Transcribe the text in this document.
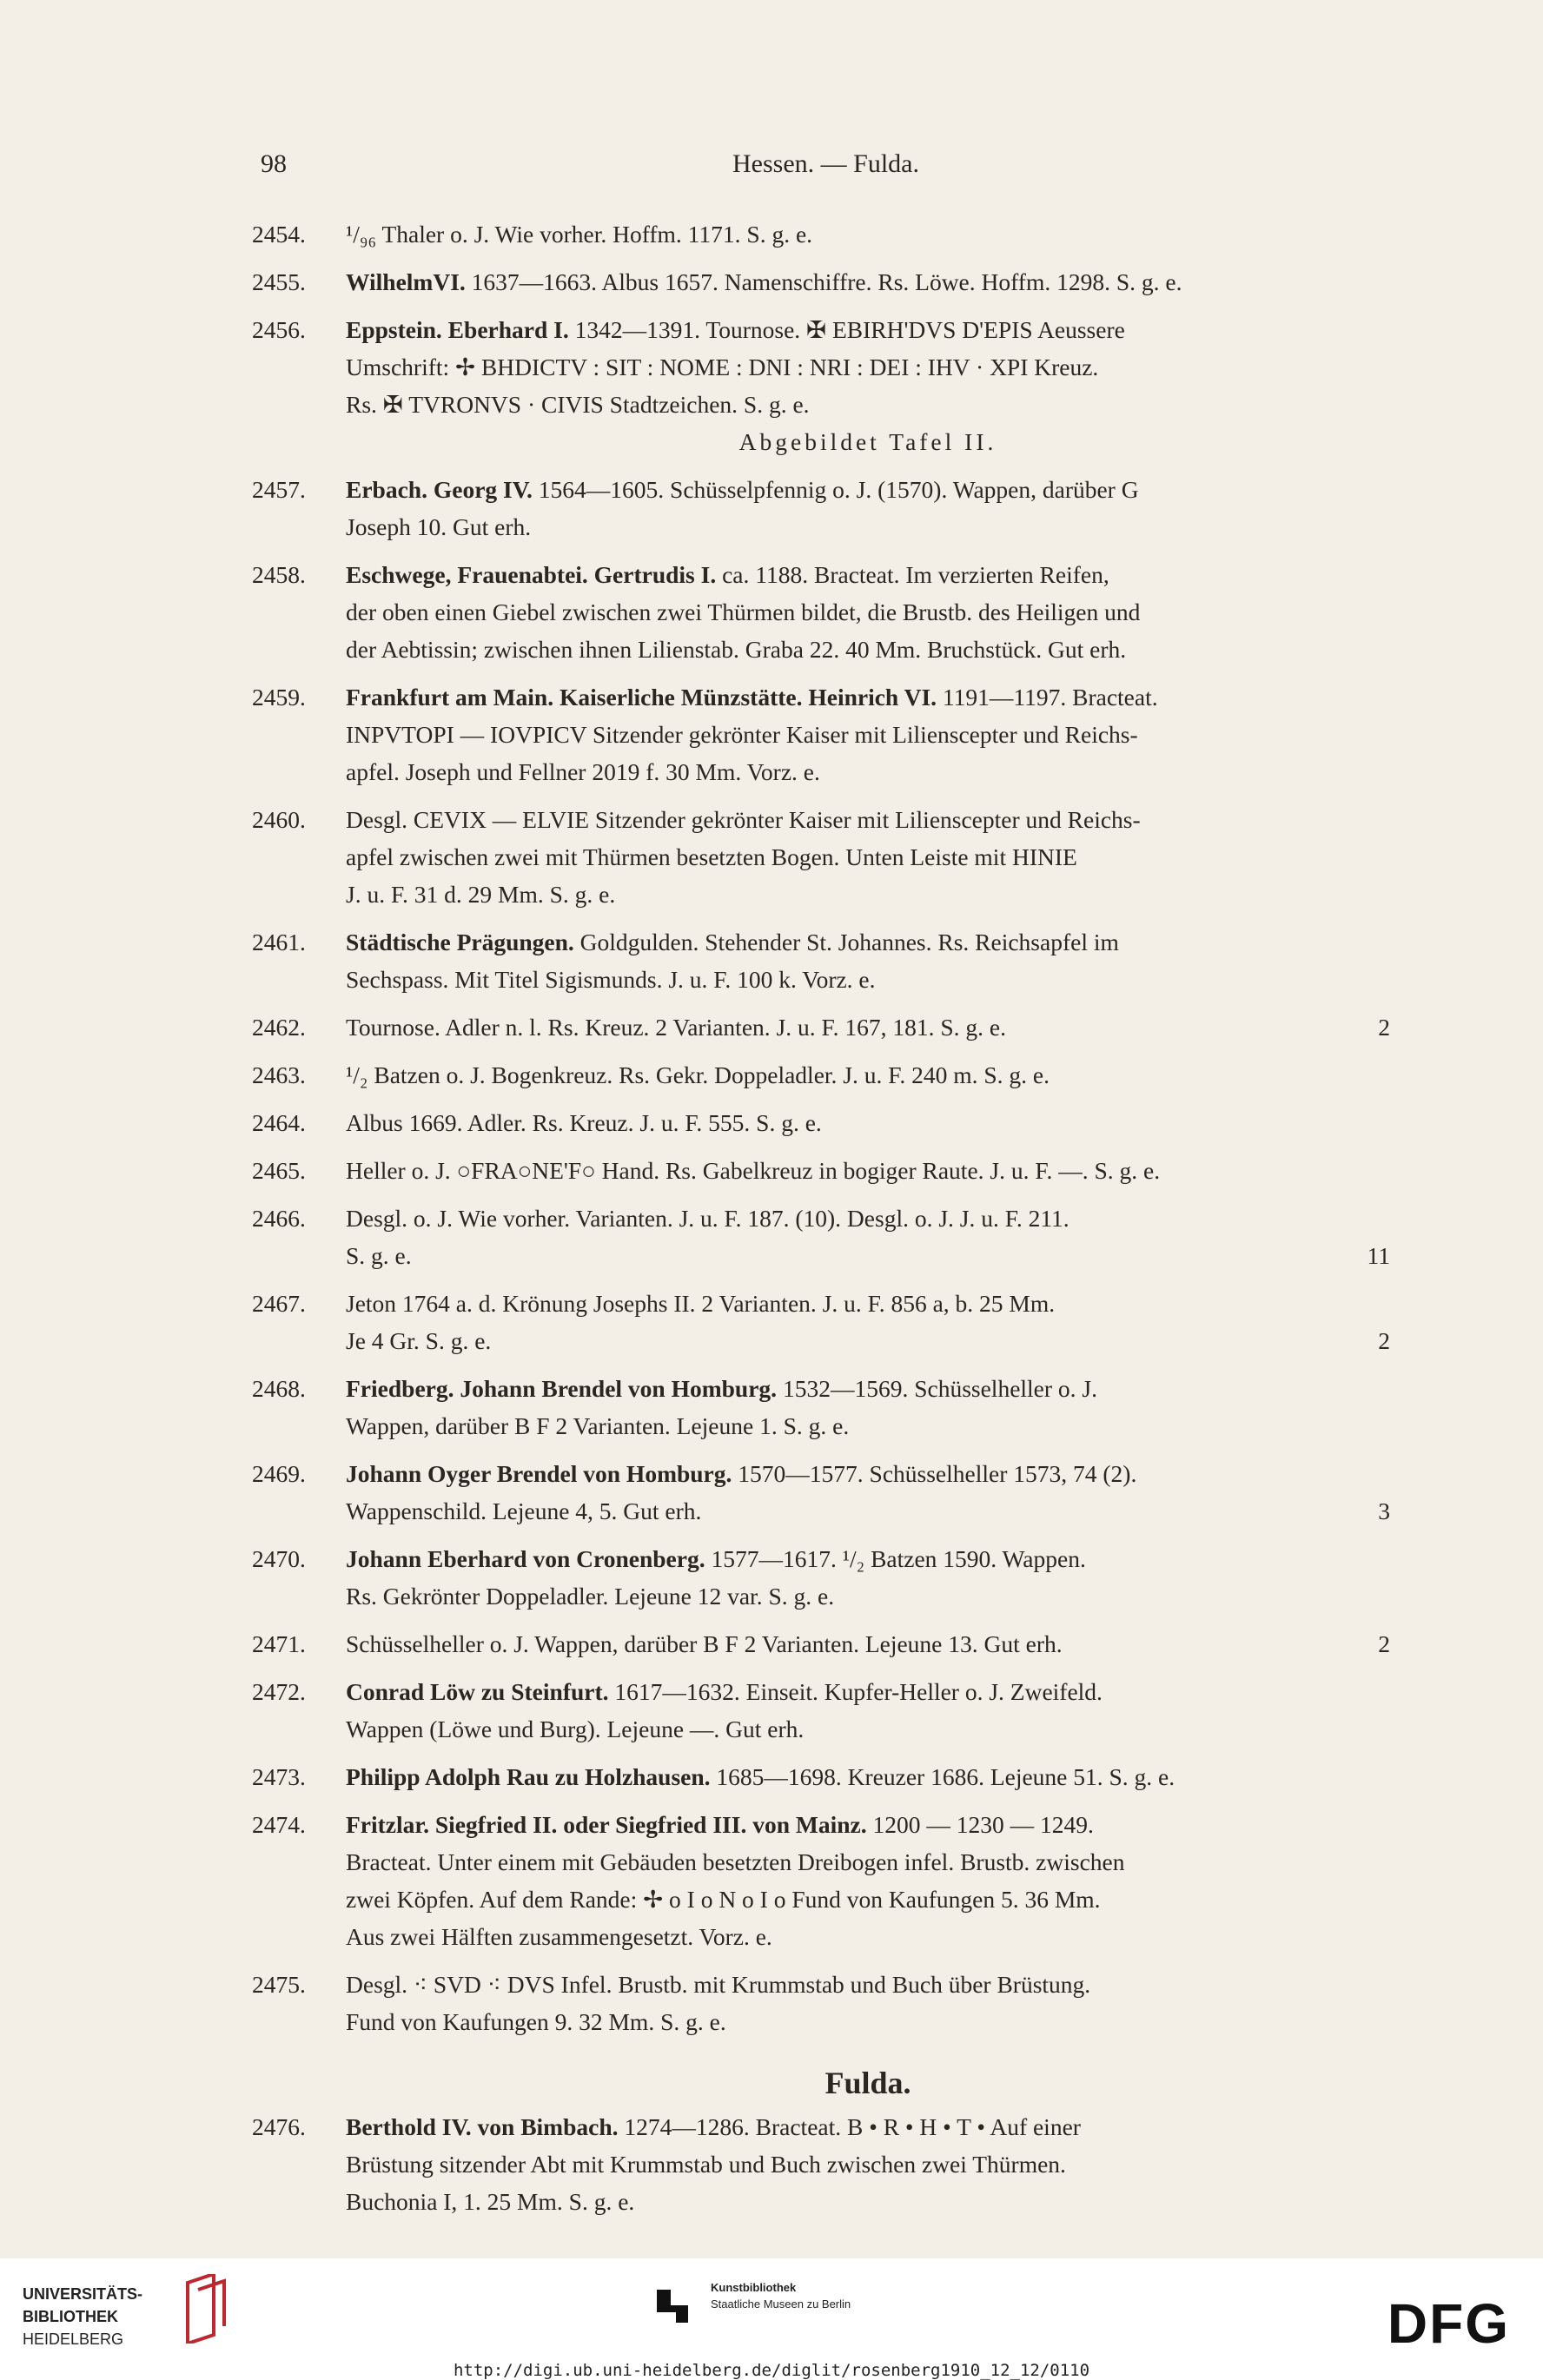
98	Hessen. — Fulda.
2454.	¹/₉₆ Thaler o. J. Wie vorher. Hoffm. 1171. S. g. e.
2455.	WilhelmVI. 1637—1663. Albus 1657. Namenschiffre. Rs. Löwe. Hoffm. 1298. S. g. e.
2456.	Eppstein. Eberhard I. 1342—1391. Tournose. ✠ EBIRH'DVS D'EPIS Aeussere
Umschrift: ✢ BHDICTV : SIT : NOME : DNI : NRI : DEI : IHV · XPI Kreuz.
Rs. ✠ TVRONVS · CIVIS Stadtzeichen. S. g. e.
Abgebildet Tafel II.
2457.	Erbach. Georg IV. 1564—1605. Schüsselpfennig o. J. (1570). Wappen, darüber G
Joseph 10. Gut erh.
2458.	Eschwege, Frauenabtei. Gertrudis I. ca. 1188. Bracteat. Im verzierten Reifen,
der oben einen Giebel zwischen zwei Thürmen bildet, die Brustb. des Heiligen und
der Aebtissin; zwischen ihnen Lilienstab. Graba 22. 40 Mm. Bruchstück. Gut erh.
2459.	Frankfurt am Main. Kaiserliche Münzstätte. Heinrich VI. 1191—1197. Bracteat.
INPVTOPI — IOVPICV Sitzender gekrönter Kaiser mit Lilienscepter und Reichs-
apfel. Joseph und Fellner 2019 f. 30 Mm. Vorz. e.
2460.	Desgl. CEVIX — ELVIE Sitzender gekrönter Kaiser mit Lilienscepter und Reichs-
apfel zwischen zwei mit Thürmen besetzten Bogen. Unten Leiste mit HINIE
J. u. F. 31 d. 29 Mm. S. g. e.
2461.	Städtische Prägungen. Goldgulden. Stehender St. Johannes. Rs. Reichsapfel im
Sechspass. Mit Titel Sigismunds. J. u. F. 100 k. Vorz. e.
2462.	Tournose. Adler n. l. Rs. Kreuz. 2 Varianten. J. u. F. 167, 181. S. g. e.	2
2463.	¹/₂ Batzen o. J. Bogenkreuz. Rs. Gekr. Doppeladler. J. u. F. 240 m. S. g. e.
2464.	Albus 1669. Adler. Rs. Kreuz. J. u. F. 555. S. g. e.
2465.	Heller o. J. ○FRA○NE'F○ Hand. Rs. Gabelkreuz in bogiger Raute. J. u. F. —. S. g. e.
2466.	Desgl. o. J. Wie vorher. Varianten. J. u. F. 187. (10). Desgl. o. J. J. u. F. 211.
S. g. e.	11
2467.	Jeton 1764 a. d. Krönung Josephs II. 2 Varianten. J. u. F. 856 a, b. 25 Mm.
Je 4 Gr. S. g. e.	2
2468.	Friedberg. Johann Brendel von Homburg. 1532—1569. Schüsselheller o. J.
Wappen, darüber B F 2 Varianten. Lejeune 1. S. g. e.
2469.	Johann Oyger Brendel von Homburg. 1570—1577. Schüsselheller 1573, 74 (2).
Wappenschild. Lejeune 4, 5. Gut erh.	3
2470.	Johann Eberhard von Cronenberg. 1577—1617. ¹/₂ Batzen 1590. Wappen.
Rs. Gekrönter Doppeladler. Lejeune 12 var. S. g. e.
2471.	Schüsselheller o. J. Wappen, darüber B F 2 Varianten. Lejeune 13. Gut erh.	2
2472.	Conrad Löw zu Steinfurt. 1617—1632. Einseit. Kupfer-Heller o. J. Zweifeld.
Wappen (Löwe und Burg). Lejeune —. Gut erh.
2473.	Philipp Adolph Rau zu Holzhausen. 1685—1698. Kreuzer 1686. Lejeune 51. S. g. e.
2474.	Fritzlar. Siegfried II. oder Siegfried III. von Mainz. 1200 — 1230 — 1249.
Bracteat. Unter einem mit Gebäuden besetzten Dreibogen infel. Brustb. zwischen
zwei Köpfen. Auf dem Rande: ✢ o I o N o I o Fund von Kaufungen 5. 36 Mm.
Aus zwei Hälften zusammengesetzt. Vorz. e.
2475.	Desgl. ⁖ SVD ⁖ DVS Infel. Brustb. mit Krummstab und Buch über Brüstung.
Fund von Kaufungen 9. 32 Mm. S. g. e.
Fulda.
2476.	Berthold IV. von Bimbach. 1274—1286. Bracteat. B • R • H • T • Auf einer
Brüstung sitzender Abt mit Krummstab und Buch zwischen zwei Thürmen.
Buchonia I, 1. 25 Mm. S. g. e.
UNIVERSITÄTS-
BIBLIOTHEK
HEIDELBERG
Kunstbibliothek
Staatliche Museen zu Berlin	DFG
http://digi.ub.uni-heidelberg.de/diglit/rosenberg1910_12_12/0110
